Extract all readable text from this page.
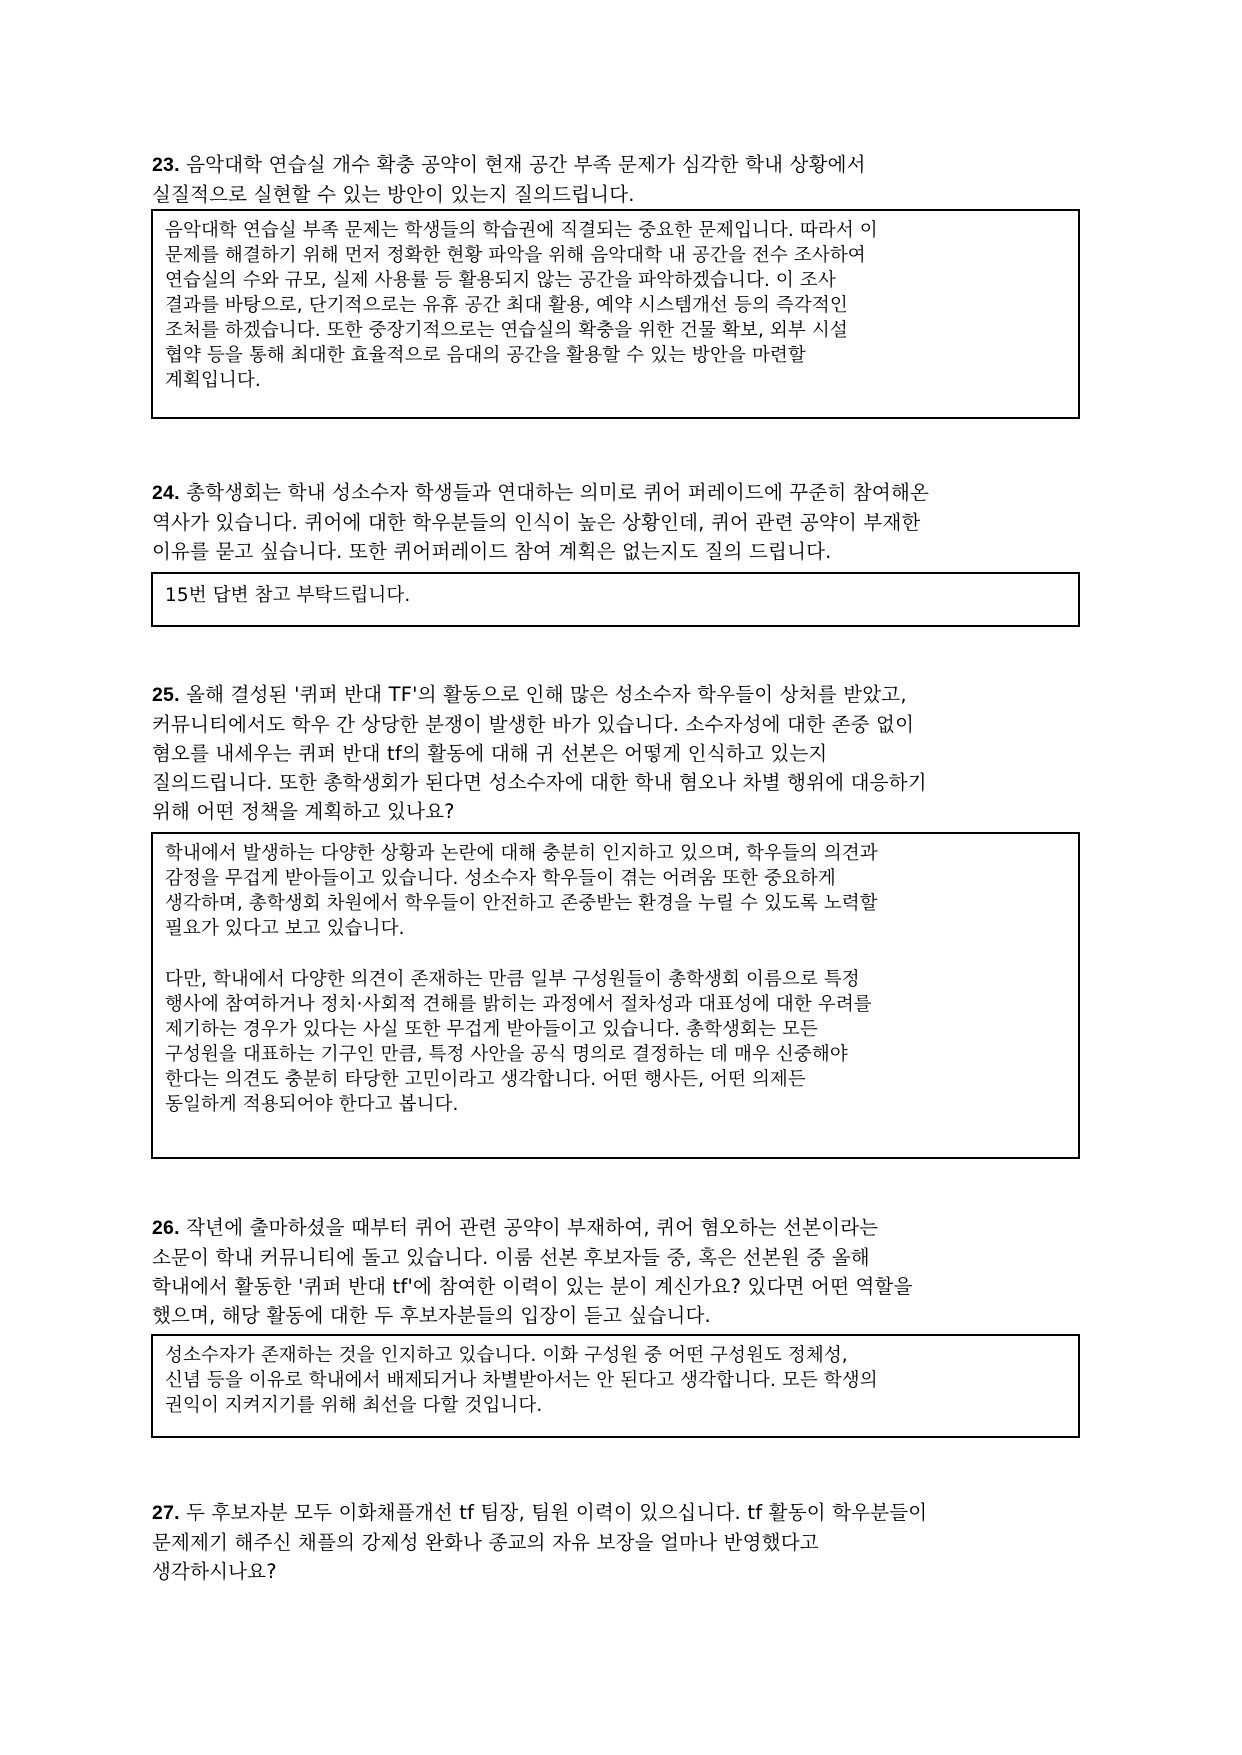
23. 음악대학 연습실 개수 확충 공약이 현재 공간 부족 문제가 심각한 학내 상황에서
실질적으로 실현할 수 있는 방안이 있는지 질의드립니다.
음악대학 연습실 부족 문제는 학생들의 학습권에 직결되는 중요한 문제입니다. 따라서 이
문제를 해결하기 위해 먼저 정확한 현황 파악을 위해 음악대학 내 공간을 전수 조사하여
연습실의 수와 규모, 실제 사용률 등 활용되지 않는 공간을 파악하겠습니다. 이 조사
결과를 바탕으로, 단기적으로는 유휴 공간 최대 활용, 예약 시스템개선 등의 즉각적인
조처를 하겠습니다. 또한 중장기적으로는 연습실의 확충을 위한 건물 확보, 외부 시설
협약 등을 통해 최대한 효율적으로 음대의 공간을 활용할 수 있는 방안을 마련할
계획입니다.
24. 총학생회는 학내 성소수자 학생들과 연대하는 의미로 퀴어 퍼레이드에 꾸준히 참여해온
역사가 있습니다. 퀴어에 대한 학우분들의 인식이 높은 상황인데, 퀴어 관련 공약이 부재한
이유를 묻고 싶습니다. 또한 퀴어퍼레이드 참여 계획은 없는지도 질의 드립니다.
15번 답변 참고 부탁드립니다.
25. 올해 결성된 '퀴퍼 반대 TF'의 활동으로 인해 많은 성소수자 학우들이 상처를 받았고,
커뮤니티에서도 학우 간 상당한 분쟁이 발생한 바가 있습니다. 소수자성에 대한 존중 없이
혐오를 내세우는 퀴퍼 반대 tf의 활동에 대해 귀 선본은 어떻게 인식하고 있는지
질의드립니다. 또한 총학생회가 된다면 성소수자에 대한 학내 혐오나 차별 행위에 대응하기
위해 어떤 정책을 계획하고 있나요?
학내에서 발생하는 다양한 상황과 논란에 대해 충분히 인지하고 있으며, 학우들의 의견과
감정을 무겁게 받아들이고 있습니다. 성소수자 학우들이 겪는 어려움 또한 중요하게
생각하며, 총학생회 차원에서 학우들이 안전하고 존중받는 환경을 누릴 수 있도록 노력할
필요가 있다고 보고 있습니다.
다만, 학내에서 다양한 의견이 존재하는 만큼 일부 구성원들이 총학생회 이름으로 특정
행사에 참여하거나 정치·사회적 견해를 밝히는 과정에서 절차성과 대표성에 대한 우려를
제기하는 경우가 있다는 사실 또한 무겁게 받아들이고 있습니다. 총학생회는 모든
구성원을 대표하는 기구인 만큼, 특정 사안을 공식 명의로 결정하는 데 매우 신중해야
한다는 의견도 충분히 타당한 고민이라고 생각합니다. 어떤 행사든, 어떤 의제든
동일하게 적용되어야 한다고 봅니다.
26. 작년에 출마하셨을 때부터 퀴어 관련 공약이 부재하여, 퀴어 혐오하는 선본이라는
소문이 학내 커뮤니티에 돌고 있습니다. 이룸 선본 후보자들 중, 혹은 선본원 중 올해
학내에서 활동한 '퀴퍼 반대 tf'에 참여한 이력이 있는 분이 계신가요? 있다면 어떤 역할을
했으며, 해당 활동에 대한 두 후보자분들의 입장이 듣고 싶습니다.
성소수자가 존재하는 것을 인지하고 있습니다. 이화 구성원 중 어떤 구성원도 정체성,
신념 등을 이유로 학내에서 배제되거나 차별받아서는 안 된다고 생각합니다. 모든 학생의
권익이 지켜지기를 위해 최선을 다할 것입니다.
27. 두 후보자분 모두 이화채플개선 tf 팀장, 팀원 이력이 있으십니다. tf 활동이 학우분들이
문제제기 해주신 채플의 강제성 완화나 종교의 자유 보장을 얼마나 반영했다고
생각하시나요?
